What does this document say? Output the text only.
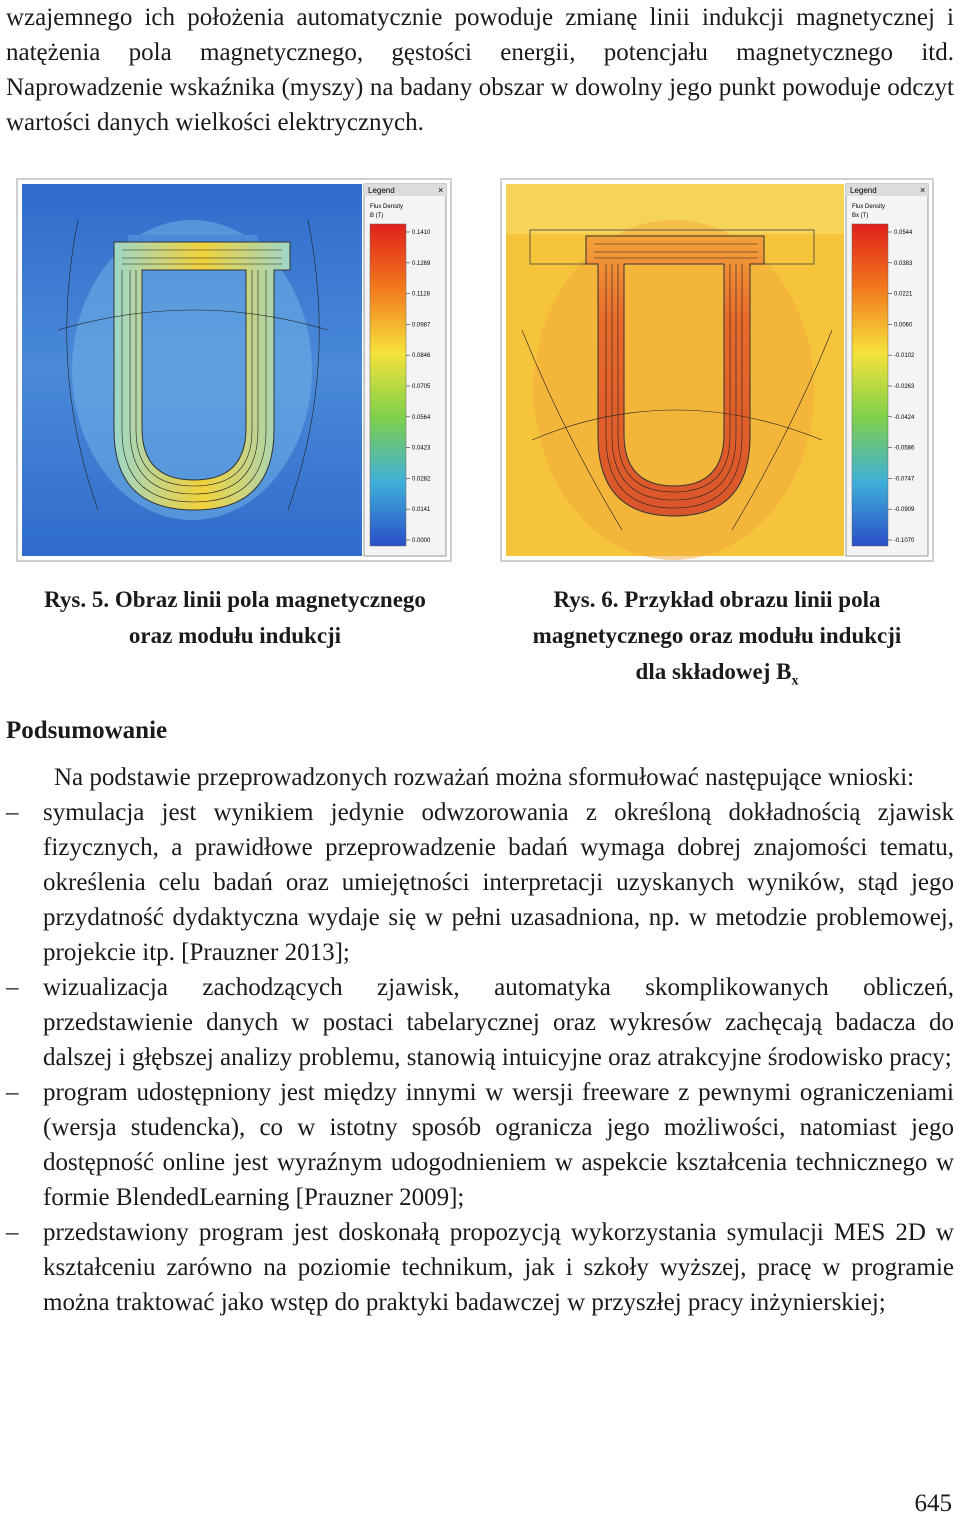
wzajemnego ich położenia automatycznie powoduje zmianę linii indukcji magnetycznej i natężenia pola magnetycznego, gęstości energii, potencjału magnetycznego itd. Naprowadzenie wskaźnika (myszy) na badany obszar w dowolny jego punkt powoduje odczyt wartości danych wielkości elektrycznych.

Legend	×
Flux Density
B (T)
0.1410
0.1269
0.1128
0.0987
0.0846
0.0705
0.0564
0.0423
0.0282
0.0141
0.0000
Legend	×
Flux Density
Bx (T)
0.0544
0.0383
0.0221
0.0060
-0.0102
-0.0263
-0.0424
-0.0586
-0.0747
-0.0909
-0.1070
Rys. 5. Obraz linii pola magnetycznego
oraz modułu indukcji
Rys. 6. Przykład obrazu linii pola
magnetycznego oraz modułu indukcji
dla składowej $B_x$
Podsumowanie

Na podstawie przeprowadzonych rozważań można sformułować następujące wnioski:

– symulacja jest wynikiem jedynie odwzorowania z określoną dokładnością zjawisk fizycznych, a prawidłowe przeprowadzenie badań wymaga dobrej znajomości tematu, określenia celu badań oraz umiejętności interpretacji uzyskanych wyników, stąd jego przydatność dydaktyczna wydaje się w pełni uzasadniona, np. w metodzie problemowej, projekcie itp. [Prauzner 2013];
– wizualizacja zachodzących zjawisk, automatyka skomplikowanych obliczeń, przedstawienie danych w postaci tabelarycznej oraz wykresów zachęcają badacza do dalszej i głębszej analizy problemu, stanowią intuicyjne oraz atrakcyjne środowisko pracy;
– program udostępniony jest między innymi w wersji freeware z pewnymi ograniczeniami (wersja studencka), co w istotny sposób ogranicza jego możliwości, natomiast jego dostępność online jest wyraźnym udogodnieniem w aspekcie kształcenia technicznego w formie BlendedLearning [Prauzner 2009];
– przedstawiony program jest doskonałą propozycją wykorzystania symulacji MES 2D w kształceniu zarówno na poziomie technikum, jak i szkoły wyższej, pracę w programie można traktować jako wstęp do praktyki badawczej w przyszłej pracy inżynierskiej;
645
